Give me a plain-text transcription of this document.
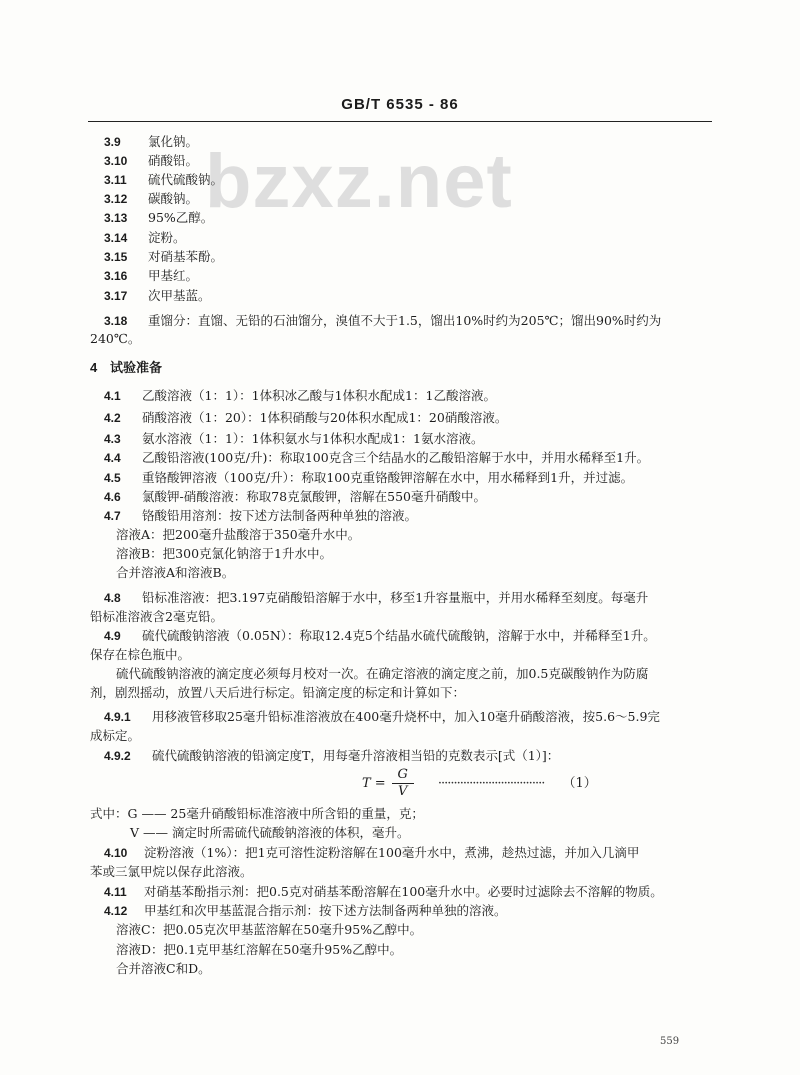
GB/T 6535 - 86
bzxz.net
3.9 氯化钠。
3.10 硝酸铅。
3.11 硫代硫酸钠。
3.12 碳酸钠。
3.13 95%乙醇。
3.14 淀粉。
3.15 对硝基苯酚。
3.16 甲基红。
3.17 次甲基蓝。
3.18 重馏分：直馏、无铅的石油馏分，溴值不大于1.5，馏出10%时约为205℃；馏出90%时约为
240℃。
4 试验准备
4.1 乙酸溶液（1：1）：1体积冰乙酸与1体积水配成1：1乙酸溶液。
4.2 硝酸溶液（1：20）：1体积硝酸与20体积水配成1：20硝酸溶液。
4.3 氨水溶液（1：1）：1体积氨水与1体积水配成1：1氨水溶液。
4.4 乙酸铅溶液(100克/升)：称取100克含三个结晶水的乙酸铅溶解于水中，并用水稀释至1升。
4.5 重铬酸钾溶液（100克/升）：称取100克重铬酸钾溶解在水中，用水稀释到1升，并过滤。
4.6 氯酸钾-硝酸溶液：称取78克氯酸钾，溶解在550毫升硝酸中。
4.7 铬酸铅用溶剂：按下述方法制备两种单独的溶液。
溶液A：把200毫升盐酸溶于350毫升水中。
溶液B：把300克氯化钠溶于1升水中。
合并溶液A和溶液B。
4.8 铅标准溶液：把3.197克硝酸铅溶解于水中，移至1升容量瓶中，并用水稀释至刻度。每毫升
铅标准溶液含2毫克铅。
4.9 硫代硫酸钠溶液（0.05N）：称取12.4克5个结晶水硫代硫酸钠，溶解于水中，并稀释至1升。
保存在棕色瓶中。
硫代硫酸钠溶液的滴定度必须每月校对一次。在确定溶液的滴定度之前，加0.5克碳酸钠作为防腐
剂，剧烈摇动，放置八天后进行标定。铅滴定度的标定和计算如下：
4.9.1 用移液管移取25毫升铅标准溶液放在400毫升烧杯中，加入10毫升硝酸溶液，按5.6～5.9完
成标定。
4.9.2 硫代硫酸钠溶液的铅滴定度T，用每毫升溶液相当铅的克数表示[式（1）]：
$T = \frac{G}{V}$ ·································· （1）
式中：G —— 25毫升硝酸铅标准溶液中所含铅的重量，克；
V —— 滴定时所需硫代硫酸钠溶液的体积，毫升。
4.10 淀粉溶液（1%）：把1克可溶性淀粉溶解在100毫升水中，煮沸，趁热过滤，并加入几滴甲
苯或三氯甲烷以保存此溶液。
4.11 对硝基苯酚指示剂：把0.5克对硝基苯酚溶解在100毫升水中。必要时过滤除去不溶解的物质。
4.12 甲基红和次甲基蓝混合指示剂：按下述方法制备两种单独的溶液。
溶液C：把0.05克次甲基蓝溶解在50毫升95%乙醇中。
溶液D：把0.1克甲基红溶解在50毫升95%乙醇中。
合并溶液C和D。
559
